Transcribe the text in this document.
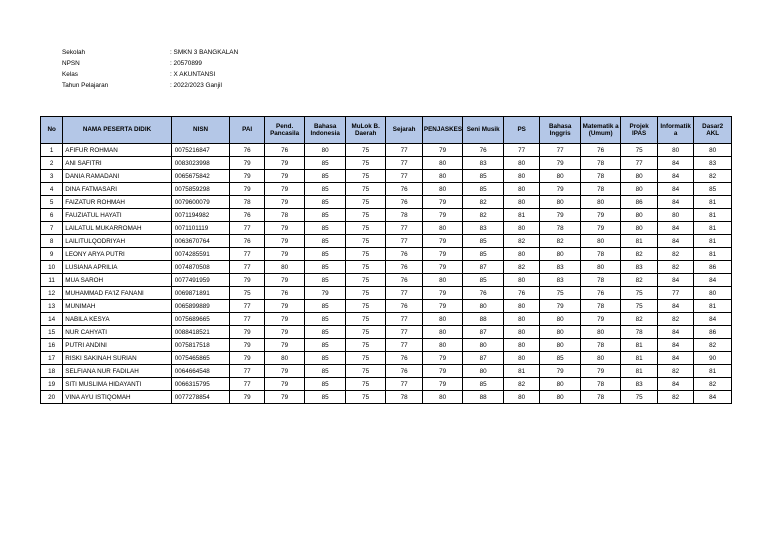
Sekolah	: SMKN 3 BANGKALAN
NPSN	: 20570899
Kelas	: X AKUNTANSI
Tahun Pelajaran	: 2022/2023 Ganjil
No	NAMA PESERTA DIDIK	NISN	PAI	Pend. Pancasila	Bahasa Indonesia	MuLok B. Daerah	Sejarah	PENJASKES	Seni Musik	PS	Bahasa Inggris	Matematik a (Umum)	Projek IPAS	Informatik a	Dasar2 AKL
1	AFIFUR ROHMAN	0075216847	76	76	80	75	77	79	76	77	77	76	75	80	80
2	ANI SAFITRI	0083023998	79	79	85	75	77	80	83	80	79	78	77	84	83
3	DANIA RAMADANI	0065675842	79	79	85	75	77	80	85	80	80	78	80	84	82
4	DINA FATMASARI	0075859298	79	79	85	75	76	80	85	80	79	78	80	84	85
5	FAIZATUR ROHMAH	0079600079	78	79	85	75	76	79	82	80	80	80	86	84	81
6	FAUZIATUL HAYATI	0071194982	76	78	85	75	78	79	82	81	79	79	80	80	81
7	LAILATUL MUKARROMAH	0071101119	77	79	85	75	77	80	83	80	78	79	80	84	81
8	LAILITULQODRIYAH	0063670764	76	79	85	75	77	79	85	82	82	80	81	84	81
9	LEONY ARYA PUTRI	0074285591	77	79	85	75	76	79	85	80	80	78	82	82	81
10	LUSIANA APRILIA	0074870508	77	80	85	75	76	79	87	82	83	80	83	82	86
11	MUA SAROH	0077491959	79	79	85	75	76	80	85	80	83	78	82	84	84
12	MUHAMMAD FA'IZ FANANI	0069871891	75	76	79	75	77	79	76	76	75	76	75	77	80
13	MUNIMAH	0065899889	77	79	85	75	76	79	80	80	79	78	75	84	81
14	NABILA KESYA	0075689665	77	79	85	75	77	80	88	80	80	79	82	82	84
15	NUR CAHYATI	0088418521	79	79	85	75	77	80	87	80	80	80	78	84	86
16	PUTRI ANDINI	0075817518	79	79	85	75	77	80	80	80	80	78	81	84	82
17	RISKI SAKINAH SURIAN	0075465865	79	80	85	75	76	79	87	80	85	80	81	84	90
18	SELFIANA NUR FADILAH	0064664548	77	79	85	75	76	79	80	81	79	79	81	82	81
19	SITI MUSLIMA HIDAYANTI	0066315795	77	79	85	75	77	79	85	82	80	78	83	84	82
20	VINA AYU ISTIQOMAH	0077278854	79	79	85	75	78	80	88	80	80	78	75	82	84
